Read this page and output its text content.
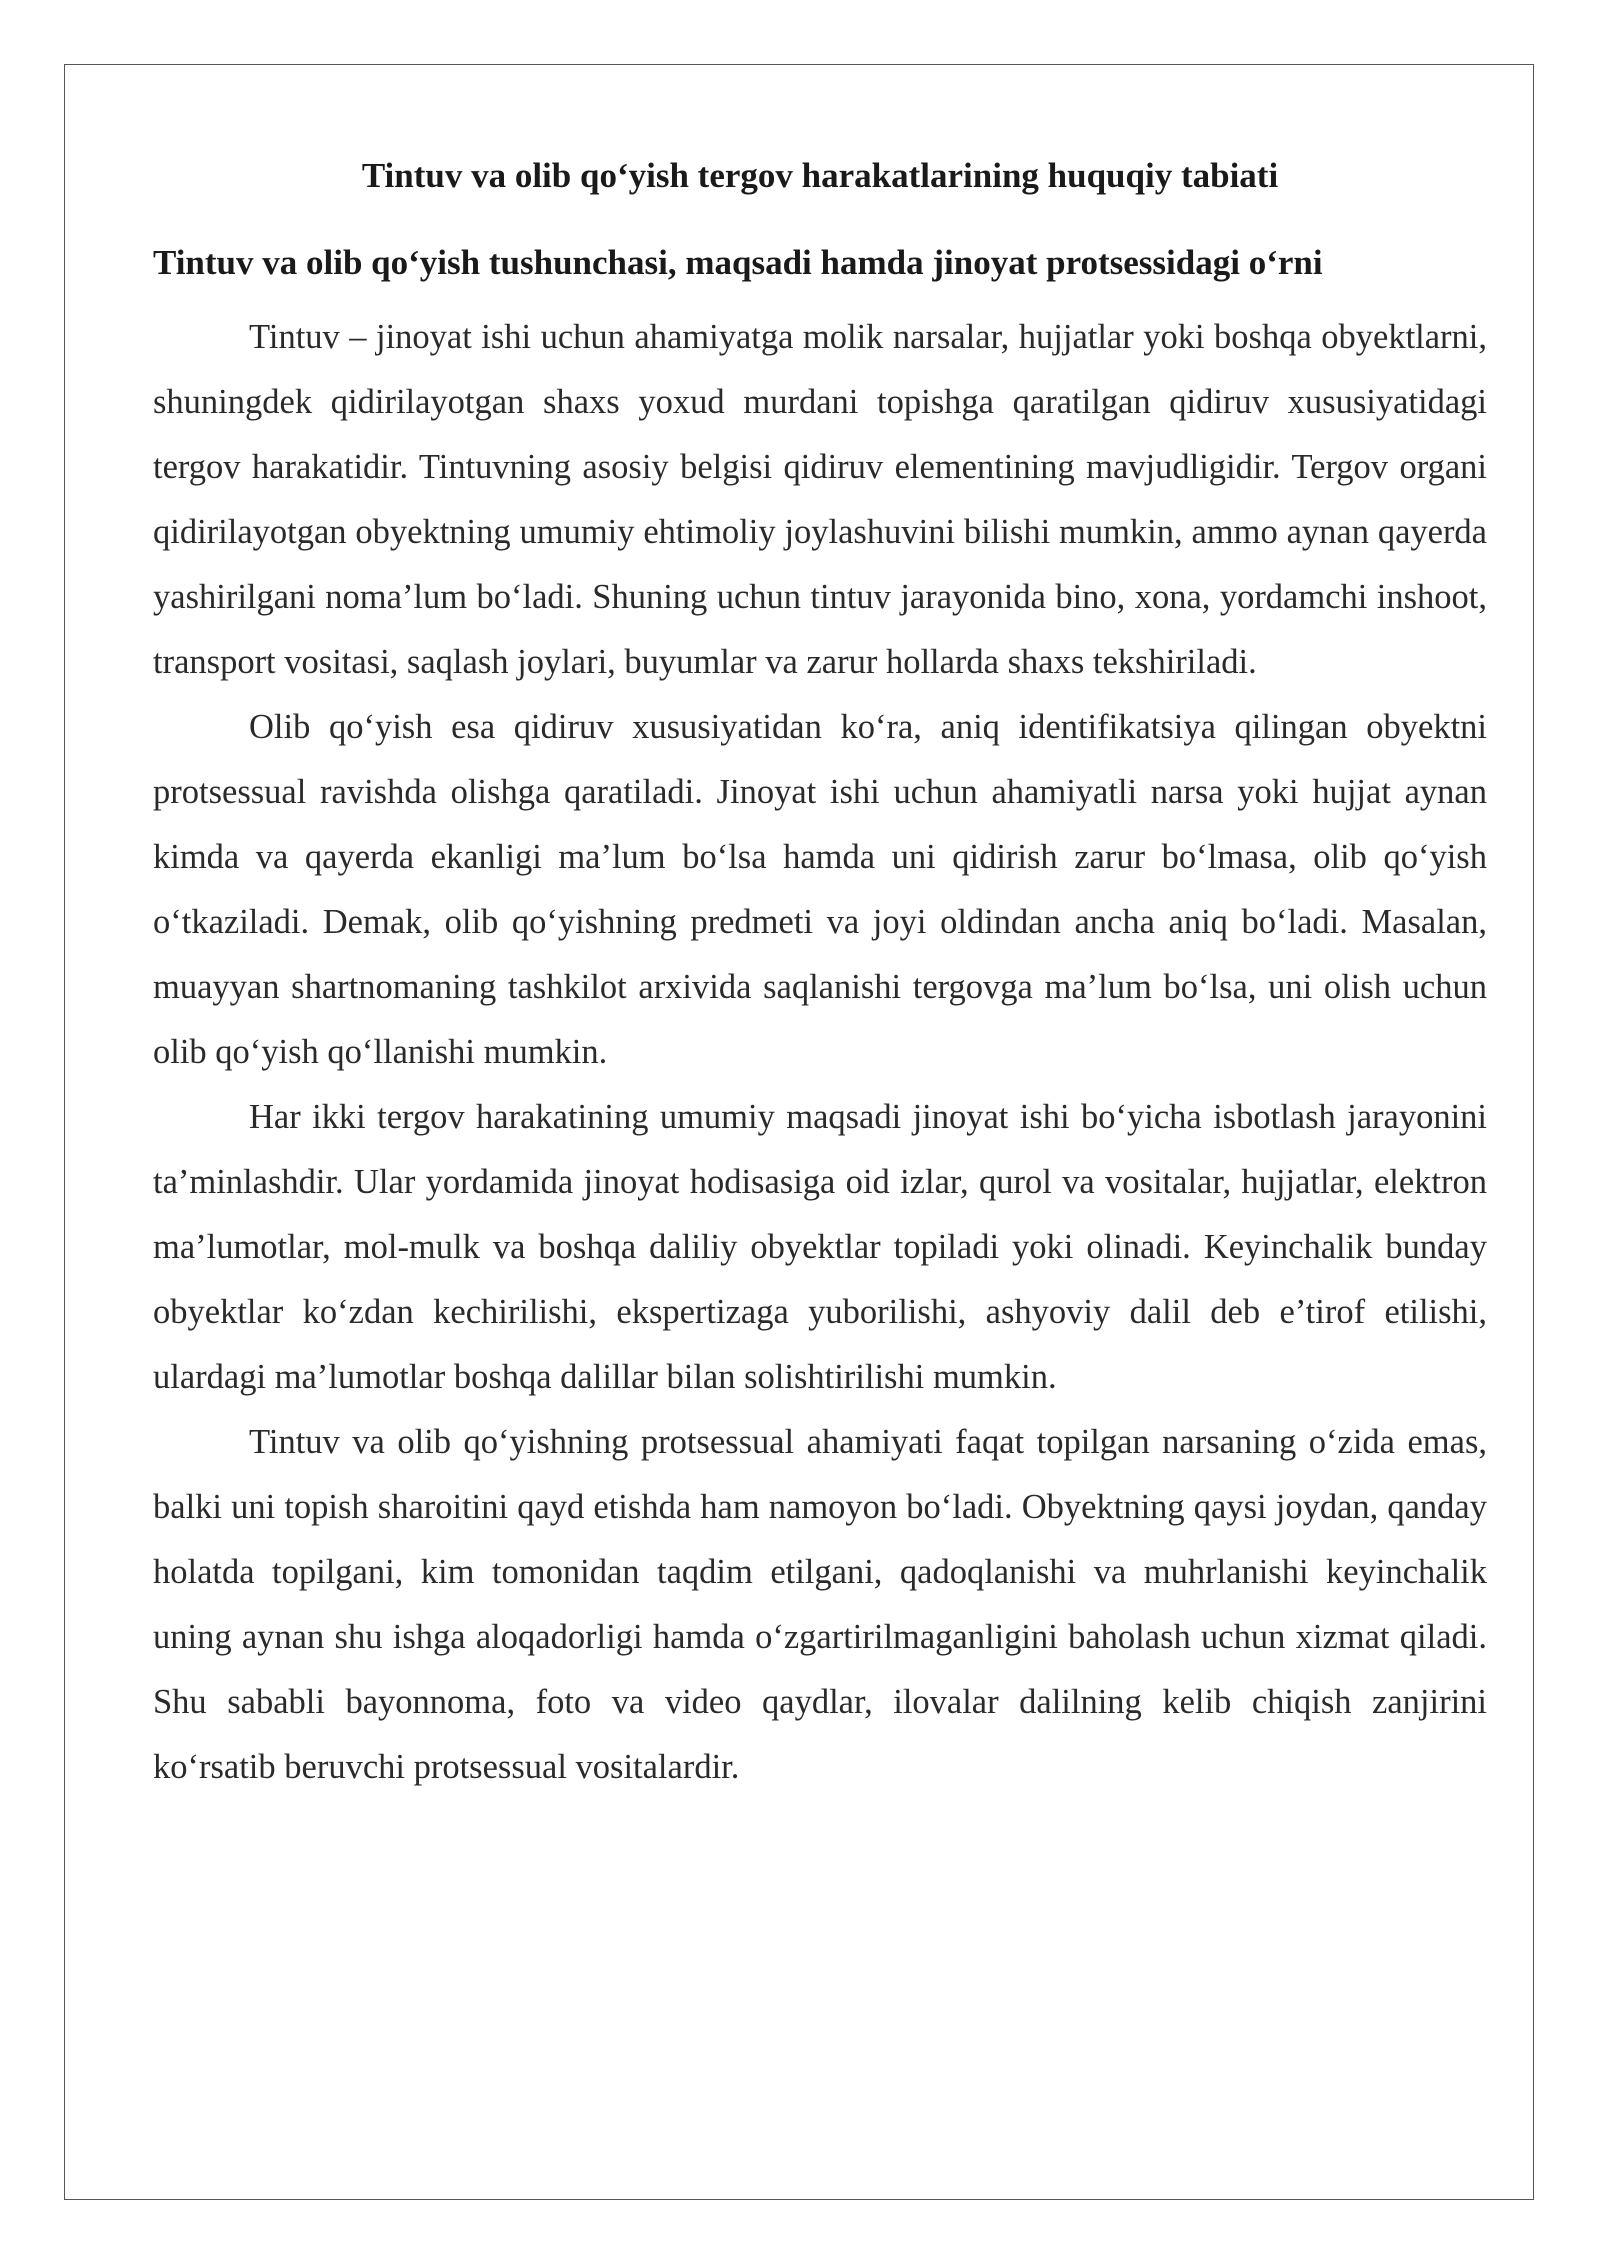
Tintuv va olib qo‘yish tergov harakatlarining huquqiy tabiati
Tintuv va olib qo‘yish tushunchasi, maqsadi hamda jinoyat protsessidagi o‘rni

Tintuv – jinoyat ishi uchun ahamiyatga molik narsalar, hujjatlar yoki boshqa obyektlarni, shuningdek qidirilayotgan shaxs yoxud murdani topishga qaratilgan qidiruv xususiyatidagi tergov harakatidir. Tintuvning asosiy belgisi qidiruv elementining mavjudligidir. Tergov organi qidirilayotgan obyektning umumiy ehtimoliy joylashuvini bilishi mumkin, ammo aynan qayerda yashirilgani noma’lum bo‘ladi. Shuning uchun tintuv jarayonida bino, xona, yordamchi inshoot, transport vositasi, saqlash joylari, buyumlar va zarur hollarda shaxs tekshiriladi.

Olib qo‘yish esa qidiruv xususiyatidan ko‘ra, aniq identifikatsiya qilingan obyektni protsessual ravishda olishga qaratiladi. Jinoyat ishi uchun ahamiyatli narsa yoki hujjat aynan kimda va qayerda ekanligi ma’lum bo‘lsa hamda uni qidirish zarur bo‘lmasa, olib qo‘yish o‘tkaziladi. Demak, olib qo‘yishning predmeti va joyi oldindan ancha aniq bo‘ladi. Masalan, muayyan shartnomaning tashkilot arxivida saqlanishi tergovga ma’lum bo‘lsa, uni olish uchun olib qo‘yish qo‘llanishi mumkin.

Har ikki tergov harakatining umumiy maqsadi jinoyat ishi bo‘yicha isbotlash jarayonini ta’minlashdir. Ular yordamida jinoyat hodisasiga oid izlar, qurol va vositalar, hujjatlar, elektron ma’lumotlar, mol-mulk va boshqa daliliy obyektlar topiladi yoki olinadi. Keyinchalik bunday obyektlar ko‘zdan kechirilishi, ekspertizaga yuborilishi, ashyoviy dalil deb e’tirof etilishi, ulardagi ma’lumotlar boshqa dalillar bilan solishtirilishi mumkin.

Tintuv va olib qo‘yishning protsessual ahamiyati faqat topilgan narsaning o‘zida emas, balki uni topish sharoitini qayd etishda ham namoyon bo‘ladi. Obyektning qaysi joydan, qanday holatda topilgani, kim tomonidan taqdim etilgani, qadoqlanishi va muhrlanishi keyinchalik uning aynan shu ishga aloqadorligi hamda o‘zgartirilmaganligini baholash uchun xizmat qiladi. Shu sababli bayonnoma, foto va video qaydlar, ilovalar dalilning kelib chiqish zanjirini ko‘rsatib beruvchi protsessual vositalardir.
